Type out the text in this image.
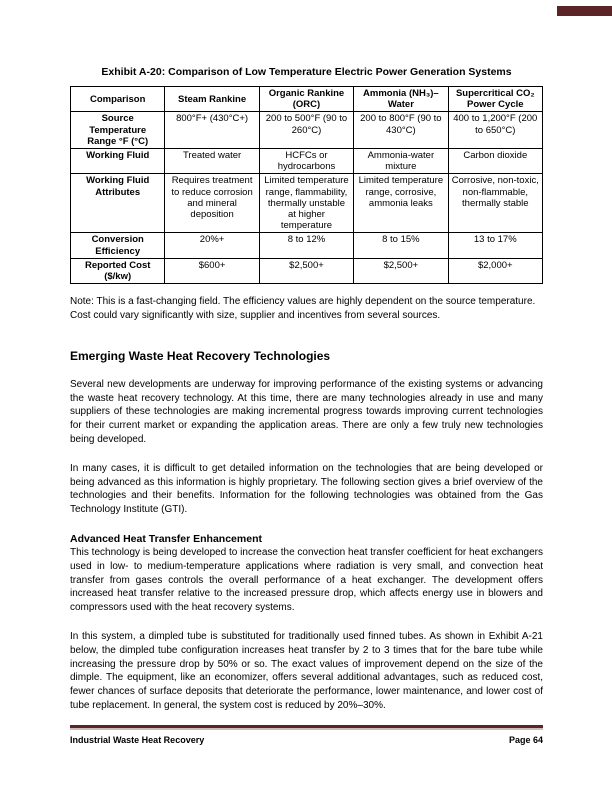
Exhibit A-20: Comparison of Low Temperature Electric Power Generation Systems
Comparison	Steam Rankine	Organic Rankine (ORC)	Ammonia (NH₃)– Water	Supercritical CO₂ Power Cycle
Source Temperature Range °F (°C)	800°F+ (430°C+)	200 to 500°F (90 to 260°C)	200 to 800°F (90 to 430°C)	400 to 1,200°F (200 to 650°C)
Working Fluid	Treated water	HCFCs or hydrocarbons	Ammonia-water mixture	Carbon dioxide
Working Fluid Attributes	Requires treatment to reduce corrosion and mineral deposition	Limited temperature range, flammability, thermally unstable at higher temperature	Limited temperature range, corrosive, ammonia leaks	Corrosive, non-toxic, non-flammable, thermally stable
Conversion Efficiency	20%+	8 to 12%	8 to 15%	13 to 17%
Reported Cost ($/kw)	$600+	$2,500+	$2,500+	$2,000+

Note: This is a fast-changing field. The efficiency values are highly dependent on the source temperature. Cost could vary significantly with size, supplier and incentives from several sources.

Emerging Waste Heat Recovery Technologies

Several new developments are underway for improving performance of the existing systems or advancing the waste heat recovery technology. At this time, there are many technologies already in use and many suppliers of these technologies are making incremental progress towards improving current technologies for their current market or expanding the application areas. There are only a few truly new technologies being developed.

In many cases, it is difficult to get detailed information on the technologies that are being developed or being advanced as this information is highly proprietary. The following section gives a brief overview of the technologies and their benefits. Information for the following technologies was obtained from the Gas Technology Institute (GTI).

Advanced Heat Transfer Enhancement

This technology is being developed to increase the convection heat transfer coefficient for heat exchangers used in low- to medium-temperature applications where radiation is very small, and convection heat transfer from gases controls the overall performance of a heat exchanger. The development offers increased heat transfer relative to the increased pressure drop, which affects energy use in blowers and compressors used with the heat recovery systems.

In this system, a dimpled tube is substituted for traditionally used finned tubes. As shown in Exhibit A-21 below, the dimpled tube configuration increases heat transfer by 2 to 3 times that for the bare tube while increasing the pressure drop by 50% or so. The exact values of improvement depend on the size of the dimple. The equipment, like an economizer, offers several additional advantages, such as reduced cost, fewer chances of surface deposits that deteriorate the performance, lower maintenance, and lower cost of tube replacement. In general, the system cost is reduced by 20%–30%.

Industrial Waste Heat Recovery	Page 64
